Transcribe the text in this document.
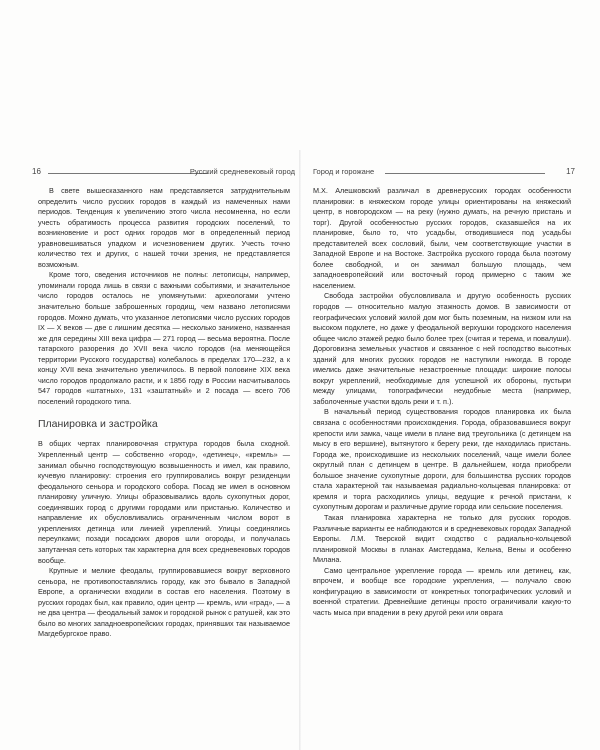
16	Русский средневековый город

В свете вышесказанного нам представляется затруднительным определить число русских городов в каждый из намеченных нами периодов. Тенденция к увеличению этого числа несомненна, но если учесть обратимость процесса развития городских поселений, то возникновение и рост одних городов мог в определенный период уравновешиваться упадком и исчезновением других. Учесть точно количество тех и других, с нашей точки зрения, не представляется возможным.

Кроме того, сведения источников не полны: летописцы, например, упоминали города лишь в связи с важными событиями, и значительное число городов осталось не упомянутыми: археологами учтено значительно больше заброшенных городищ, чем названо летописями городов. Можно думать, что указанное летописями число русских городов IX — X веков — две с лишним десятка — несколько занижено, названная же для середины XIII века цифра — 271 город — весьма вероятна. После татарского разорения до XVII века число городов (на меняющейся территории Русского государства) колебалось в пределах 170—232, а к концу XVII века значительно увеличилось. В первой половине XIX века число городов продолжало расти, и к 1856 году в России насчитывалось 547 городов «штатных», 131 «заштатный» и 2 посада — всего 706 поселений городского типа.

Планировка и застройка

В общих чертах планировочная структура городов была сходной. Укрепленный центр — собственно «город», «детинец», «кремль» — занимал обычно господствующую возвышенность и имел, как правило, кучевую планировку: строения его группировались вокруг резиденции феодального сеньора и городского собора. Посад же имел в основном планировку уличную. Улицы образовывались вдоль сухопутных дорог, соединявших город с другими городами или пристанью. Количество и направление их обусловливались ограниченным числом ворот в укреплениях детинца или линией укреплений. Улицы соединялись переулками; позади посадских дворов шли огороды, и получалась запутанная сеть которых так характерна для всех средневековых городов вообще.

Крупные и мелкие феодалы, группировавшиеся вокруг верховного сеньора, не противопоставлялись городу, как это бывало в Западной Европе, а органически входили в состав его населения. Поэтому в русских городах был, как правило, один центр — кремль, или «град», — а не два центра — феодальный замок и городской рынок с ратушей, как это было во многих западноевропейских городах, принявших так называемое Магдебургское право.

Город и горожане	17

М.Х. Алешковский различал в древнерусских городах особенности планировки: в княжеском городе улицы ориентированы на княжеский центр, в новгородском — на реку (нужно думать, на речную пристань и торг). Другой особенностью русских городов, сказавшейся на их планировке, было то, что усадьбы, отводившиеся под усадьбы представителей всех сословий, были, чем соответствующие участки в Западной Европе и на Востоке. Застройка русского города была поэтому более свободной, и он занимал большую площадь, чем западноевропейский или восточный город примерно с таким же населением.

Свобода застройки обусловливала и другую особенность русских городов — относительно малую этажность домов. В зависимости от географических условий жилой дом мог быть поземным, на низком или на высоком подклете, но даже у феодальной верхушки городского населения общее число этажей редко было более трех (считая и терема, и повалуши). Дороговизна земельных участков и связанное с ней господство высотных зданий для многих русских городов не наступили никогда. В городе имелись даже значительные незастроенные площади: широкие полосы вокруг укреплений, необходимые для успешной их обороны, пустыри между улицами, топографически неудобные места (например, заболоченные участки вдоль реки и т. п.).

В начальный период существования городов планировка их была связана с особенностями происхождения. Города, образовавшиеся вокруг крепости или замка, чаще имели в плане вид треугольника (с детинцем на мысу в его вершине), вытянутого к берегу реки, где находилась пристань. Города же, происходившие из нескольких поселений, чаще имели более округлый план с детинцем в центре. В дальнейшем, когда приобрели большое значение сухопутные дороги, для большинства русских городов стала характерной так называемая радиально-кольцевая планировка: от кремля и торга расходились улицы, ведущие к речной пристани, к сухопутным дорогам и различные другие города или сельские поселения.

Такая планировка характерна не только для русских городов. Различные варианты ее наблюдаются и в средневековых городах Западной Европы. Л.М. Тверской видит сходство с радиально-кольцевой планировкой Москвы в планах Амстердама, Кельна, Вены и особенно Милана.

Само центральное укрепление города — кремль или детинец, как, впрочем, и вообще все городские укрепления, — получало свою конфигурацию в зависимости от конкретных топографических условий и военной стратегии. Древнейшие детинцы просто ограничивали какую-то часть мыса при впадении в реку другой реки или оврага
